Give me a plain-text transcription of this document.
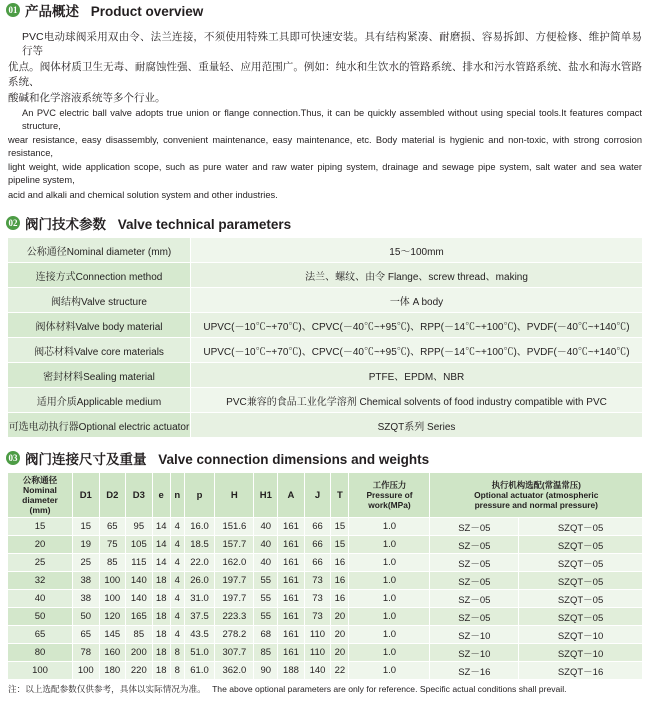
01 产品概述 Product overview

PVC电动球阀采用双由令、法兰连接，不须使用特殊工具即可快速安装。具有结构紧凑、耐磨损、容易拆卸、方便检修、维护简单易行等

优点。阀体材质卫生无毒、耐腐蚀性强、重量轻、应用范围广。例如：纯水和生饮水的管路系统、排水和污水管路系统、盐水和海水管路系统、

酸碱和化学溶液系统等多个行业。

An PVC electric ball valve adopts true union or flange connection.Thus, it can be quickly assembled without using special tools.It features compact structure,

wear resistance, easy disassembly, convenient maintenance, easy maintenance, etc. Body material is hygienic and non-toxic, with strong corrosion resistance,

light weight, wide application scope, such as pure water and raw water piping system, drainage and sewage pipe system, salt water and sea water pipeline system,

acid and alkali and chemical solution system and other industries.

02 阀门技术参数 Valve technical parameters
公称通径Nominal diameter (mm)	15～100mm
连接方式Connection method	法兰、螺纹、由令 Flange、screw thread、making
阀结构Valve structure	一体 A body
阀体材料Valve body material	UPVC(－10℃~+70℃)、CPVC(－40℃~+95℃)、RPP(－14℃~+100℃)、PVDF(－40℃~+140℃)
阀芯材料Valve core materials	UPVC(－10℃~+70℃)、CPVC(－40℃~+95℃)、RPP(－14℃~+100℃)、PVDF(－40℃~+140℃)
密封材料Sealing material	PTFE、EPDM、NBR
适用介质Applicable medium	PVC兼容的食品工业化学溶剂 Chemical solvents of food industry compatible with PVC
可选电动执行器Optional electric actuator	SZQT系列 Series
03 阀门连接尺寸及重量 Valve connection dimensions and weights
公称通径
Nominal
diameter
(mm)	D1	D2	D3	e	n	p	H	H1	A	J	T	工作压力
Pressure of
work(MPa)	执行机构选配(常温常压)
Optional actuator (atmospheric
pressure and normal pressure)	
15	15	65	95	14	4	16.0	151.6	40	161	66	15	1.0	SZ－05	SZQT－05
20	19	75	105	14	4	18.5	157.7	40	161	66	15	1.0	SZ－05	SZQT－05
25	25	85	115	14	4	22.0	162.0	40	161	66	16	1.0	SZ－05	SZQT－05
32	38	100	140	18	4	26.0	197.7	55	161	73	16	1.0	SZ－05	SZQT－05
40	38	100	140	18	4	31.0	197.7	55	161	73	16	1.0	SZ－05	SZQT－05
50	50	120	165	18	4	37.5	223.3	55	161	73	20	1.0	SZ－05	SZQT－05
65	65	145	85	18	4	43.5	278.2	68	161	110	20	1.0	SZ－10	SZQT－10
80	78	160	200	18	8	51.0	307.7	85	161	110	20	1.0	SZ－10	SZQT－10
100	100	180	220	18	8	61.0	362.0	90	188	140	22	1.0	SZ－16	SZQT－16
注：以上选配参数仅供参考，具体以实际情况为准。 The above optional parameters are only for reference. Specific actual conditions shall prevail.
